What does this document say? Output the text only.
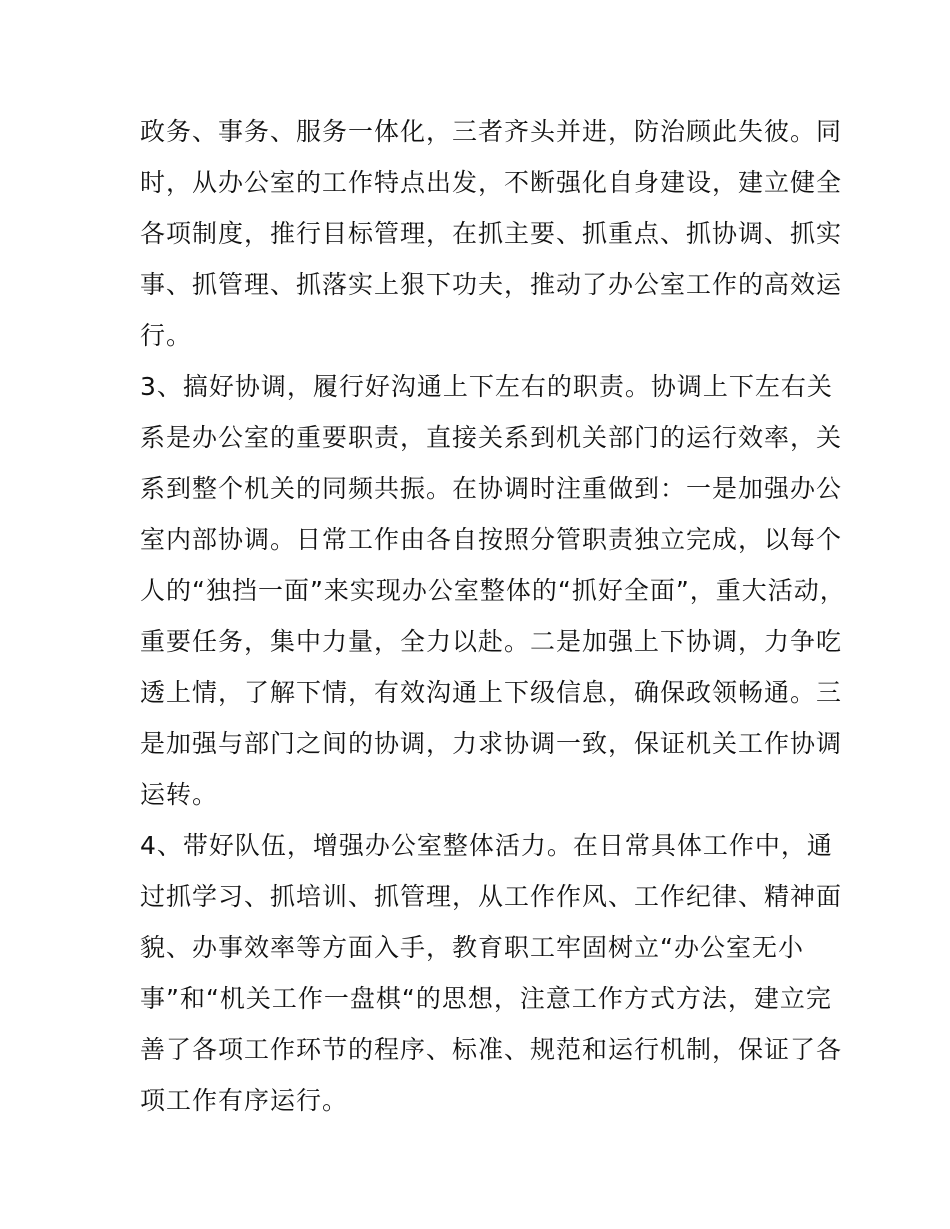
政务、事务、服务一体化，三者齐头并进，防治顾此失彼。同
时，从办公室的工作特点出发，不断强化自身建设，建立健全
各项制度，推行目标管理，在抓主要、抓重点、抓协调、抓实
事、抓管理、抓落实上狠下功夫，推动了办公室工作的高效运
行。
3、搞好协调，履行好沟通上下左右的职责。协调上下左右关
系是办公室的重要职责，直接关系到机关部门的运行效率，关
系到整个机关的同频共振。在协调时注重做到：一是加强办公
室内部协调。日常工作由各自按照分管职责独立完成，以每个
人的“独挡一面”来实现办公室整体的“抓好全面”，重大活动，
重要任务，集中力量，全力以赴。二是加强上下协调，力争吃
透上情，了解下情，有效沟通上下级信息，确保政领畅通。三
是加强与部门之间的协调，力求协调一致，保证机关工作协调
运转。
4、带好队伍，增强办公室整体活力。在日常具体工作中，通
过抓学习、抓培训、抓管理，从工作作风、工作纪律、精神面
貌、办事效率等方面入手，教育职工牢固树立“办公室无小
事”和“机关工作一盘棋“的思想，注意工作方式方法，建立完
善了各项工作环节的程序、标准、规范和运行机制，保证了各
项工作有序运行。
